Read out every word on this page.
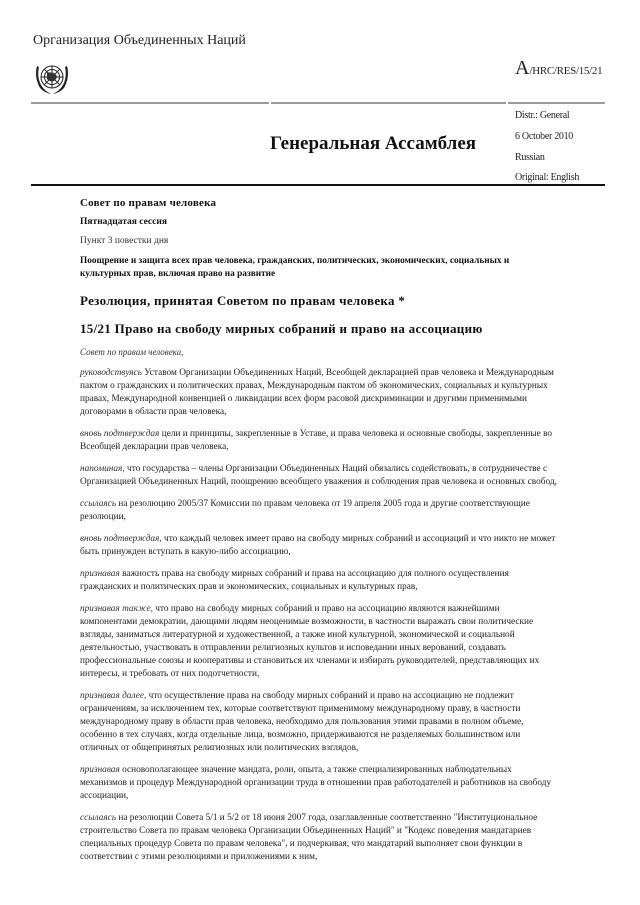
Организация Объединенных Наций
A/HRC/RES/15/21
Генеральная Ассамблея
Distr.: General
6 October 2010
Russian
Original: English
Совет по правам человека
Пятнадцатая сессия
Пункт 3 повестки дня
Поощрение и защита всех прав человека, гражданских, политических, экономических, социальных и культурных прав, включая право на развитие
Резолюция, принятая Советом по правам человека *
15/21 Право на свободу мирных собраний и право на ассоциацию
Совет по правам человека,

руководствуясь Уставом Организации Объединенных Наций, Всеобщей декларацией прав человека и Международным пактом о гражданских и политических правах, Международным пактом об экономических, социальных и культурных правах, Международной конвенцией о ликвидации всех форм расовой дискриминации и другими применимыми договорами в области прав человека,

вновь подтверждая цели и принципы, закрепленные в Уставе, и права человека и основные свободы, закрепленные во Всеобщей декларации прав человека,

напоминая, что государства – члены Организации Объединенных Наций обязались содействовать, в сотрудничестве с Организацией Объединенных Наций, поощрению всеобщего уважения и соблюдения прав человека и основных свобод,

ссылаясь на резолюцию 2005/37 Комиссии по правам человека от 19 апреля 2005 года и другие соответствующие резолюции,

вновь подтверждая, что каждый человек имеет право на свободу мирных собраний и ассоциаций и что никто не может быть принужден вступать в какую-либо ассоциацию,

признавая важность права на свободу мирных собраний и права на ассоциацию для полного осуществления гражданских и политических прав и экономических, социальных и культурных прав,

признавая также, что право на свободу мирных собраний и право на ассоциацию являются важнейшими компонентами демократии, дающими людям неоценимые возможности, в частности выражать свои политические взгляды, заниматься литературной и художественной, а также иной культурной, экономической и социальной деятельностью, участвовать в отправлении религиозных культов и исповедании иных верований, создавать профессиональные союзы и кооперативы и становиться их членами и избирать руководителей, представляющих их интересы, и требовать от них подотчетности,

признавая далее, что осуществление права на свободу мирных собраний и право на ассоциацию не подлежит ограничениям, за исключением тех, которые соответствуют применимому международному праву, в частности международному праву в области прав человека, необходимо для пользования этими правами в полном объеме, особенно в тех случаях, когда отдельные лица, возможно, придерживаются не разделяемых большинством или отличных от общепринятых религиозных или политических взглядов,

признавая основополагающее значение мандата, роли, опыта, а также специализированных наблюдательных механизмов и процедур Международной организации труда в отношении прав работодателей и работников на свободу ассоциации,

ссылаясь на резолюции Совета 5/1 и 5/2 от 18 июня 2007 года, озаглавленные соответственно "Институциональное строительство Совета по правам человека Организации Объединенных Наций" и "Кодекс поведения мандатариев специальных процедур Совета по правам человека", и подчеркивая, что мандатарий выполняет свои функции в соответствии с этими резолюциями и приложениями к ним,
